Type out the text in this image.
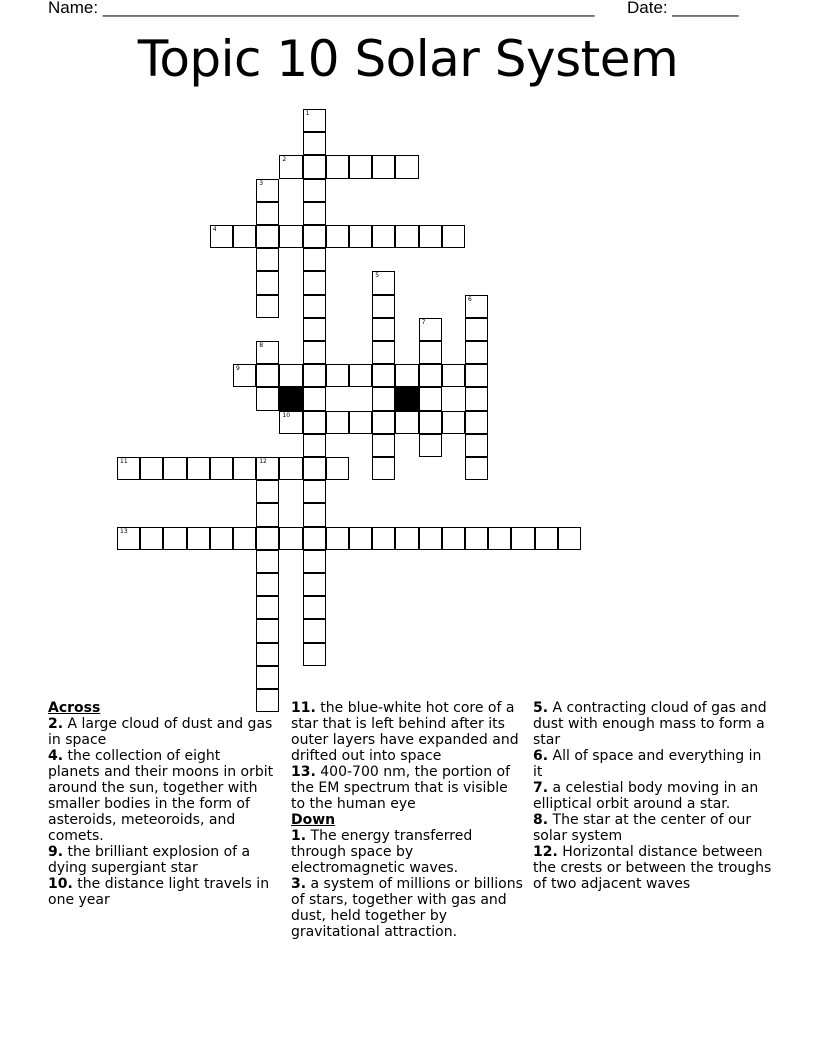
Name: ____________________________________________________ Date: _______
Topic 10 Solar System
2
4
9
10
11	12
13
1
3
5
6
7
8
Across
2. A large cloud of dust and gas in space
4. the collection of eight planets and their moons in orbit around the sun, together with smaller bodies in the form of asteroids, meteoroids, and comets.
9. the brilliant explosion of a dying supergiant star
10. the distance light travels in one year
11. the blue-white hot core of a star that is left behind after its outer layers have expanded and drifted out into space
13. 400-700 nm, the portion of the EM spectrum that is visible to the human eye
Down
1. The energy transferred through space by electromagnetic waves.
3. a system of millions or billions of stars, together with gas and dust, held together by gravitational attraction.
5. A contracting cloud of gas and dust with enough mass to form a star
6. All of space and everything in it
7. a celestial body moving in an elliptical orbit around a star.
8. The star at the center of our solar system
12. Horizontal distance between the crests or between the troughs of two adjacent waves
